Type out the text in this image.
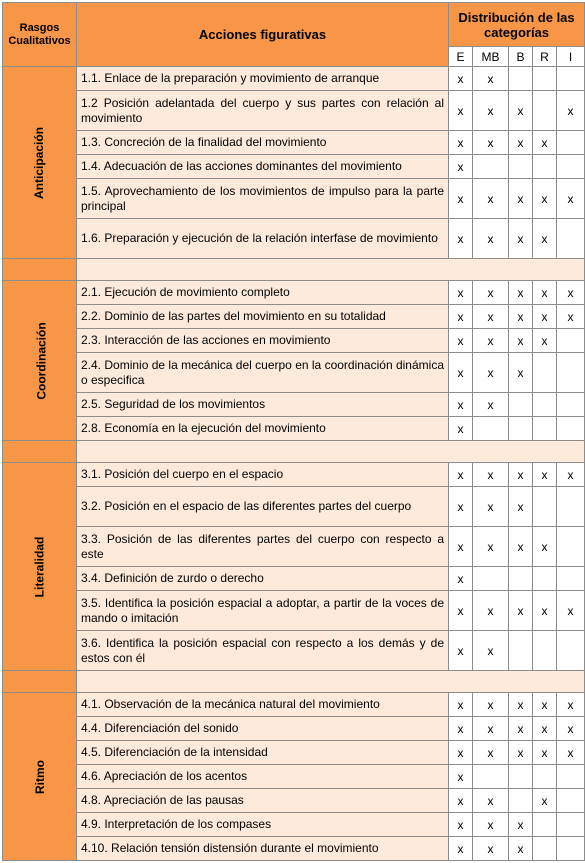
Rasgos Cualitativos	Acciones figurativas	Distribución de las categorías				
		E	MB	B	R	I
Anticipación	1.1. Enlace de la preparación y movimiento de arranque	x	x			
	1.2 Posición adelantada del cuerpo y sus partes con relación al movimiento	x	x	x		x
	1.3. Concreción de la finalidad del movimiento	x	x	x	x	
	1.4. Adecuación de las acciones dominantes del movimiento	x				
	1.5. Aprovechamiento de los movimientos de impulso para la parte principal	x	x	x	x	x
	1.6. Preparación y ejecución de la relación interfase de movimiento	x	x	x	x	

Coordinación	2.1. Ejecución de movimiento completo	x	x	x	x	x
	2.2. Dominio de las partes del movimiento en su totalidad	x	x	x	x	x
	2.3. Interacción de las acciones en movimiento	x	x	x	x	
	2.4. Dominio de la mecánica del cuerpo en la coordinación dinámica o especifica	x	x	x		
	2.5. Seguridad de los movimientos	x	x			
	2.8. Economía en la ejecución del movimiento	x				

Literalidad	3.1. Posición del cuerpo en el espacio	x	x	x	x	x
	3.2. Posición en el espacio de las diferentes partes del cuerpo	x	x	x		
	3.3. Posición de las diferentes partes del cuerpo con respecto a este	x	x	x	x	
	3.4. Definición de zurdo o derecho	x				
	3.5. Identifica la posición espacial a adoptar, a partir de la voces de mando o imitación	x	x	x	x	x
	3.6. Identifica la posición espacial con respecto a los demás y de estos con él	x	x			

Ritmo	4.1. Observación de la mecánica natural del movimiento	x	x	x	x	x
	4.4. Diferenciación del sonido	x	x	x	x	x
	4.5. Diferenciación de la intensidad	x	x	x	x	x
	4.6. Apreciación de los acentos	x				
	4.8. Apreciación de las pausas	x	x		x	
	4.9. Interpretación de los compases	x	x	x		
	4.10. Relación tensión distensión durante el movimiento	x	x	x		
